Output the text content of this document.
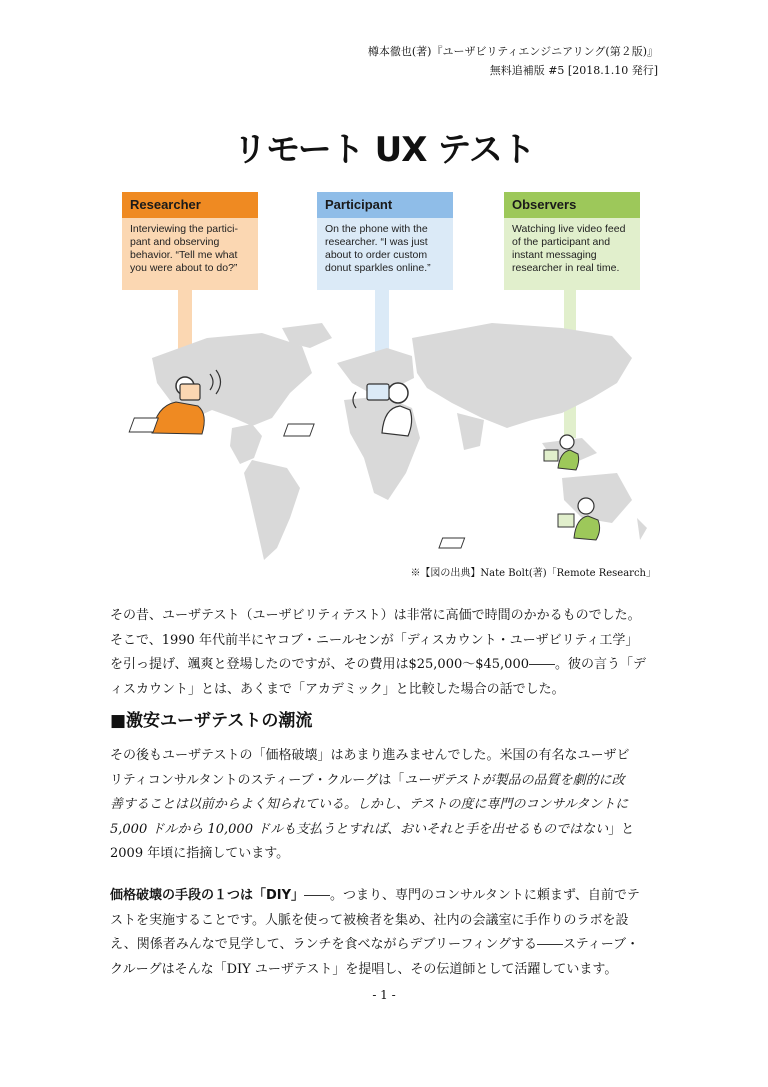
樽本徹也(著)『ユーザビリティエンジニアリング(第２版)』
無料追補版 #5 [2018.1.10 発行]
リモート UX テスト
Researcher
Interviewing the partici-
pant and observing
behavior. “Tell me what
you were about to do?”
Participant
On the phone with the
researcher. “I was just
about to order custom
donut sparkles online.”
Observers
Watching live video feed
of the participant and
instant messaging
researcher in real time.
※【図の出典】Nate Bolt(著)「Remote Research」

その昔、ユーザテスト（ユーザビリティテスト）は非常に高価で時間のかかるものでした。

そこで、1990 年代前半にヤコブ・ニールセンが「ディスカウント・ユーザビリティ工学」

を引っ提げ、颯爽と登場したのですが、その費用は$25,000～$45,000――。彼の言う「デ

ィスカウント」とは、あくまで「アカデミック」と比較した場合の話でした。

■激安ユーザテストの潮流

その後もユーザテストの「価格破壊」はあまり進みませんでした。米国の有名なユーザビ

リティコンサルタントのスティーブ・クルーグは「ユーザテストが製品の品質を劇的に改

善することは以前からよく知られている。しかし、テストの度に専門のコンサルタントに

5,000 ドルから 10,000 ドルも支払うとすれば、おいそれと手を出せるものではない」と

2009 年頃に指摘しています。

価格破壊の手段の１つは「DIY」――。つまり、専門のコンサルタントに頼まず、自前でテ

ストを実施することです。人脈を使って被検者を集め、社内の会議室に手作りのラボを設

え、関係者みんなで見学して、ランチを食べながらデブリーフィングする――スティーブ・

クルーグはそんな「DIY ユーザテスト」を提唱し、その伝道師として活躍しています。

- 1 -
